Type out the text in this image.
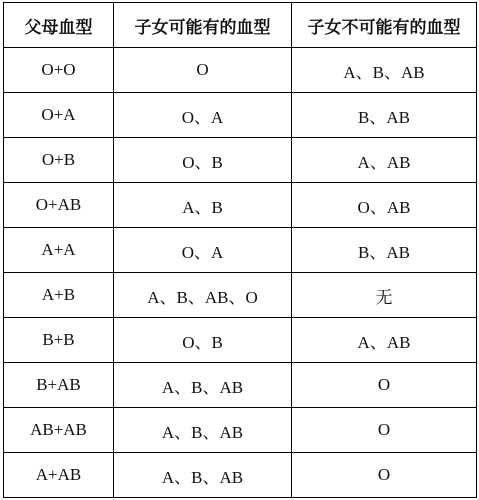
父母血型	子女可能有的血型	子女不可能有的血型
O+O	O	A、B、AB
O+A	O、A	B、AB
O+B	O、B	A、AB
O+AB	A、B	O、AB
A+A	O、A	B、AB
A+B	A、B、AB、O	无
B+B	O、B	A、AB
B+AB	A、B、AB	O
AB+AB	A、B、AB	O
A+AB	A、B、AB	O
